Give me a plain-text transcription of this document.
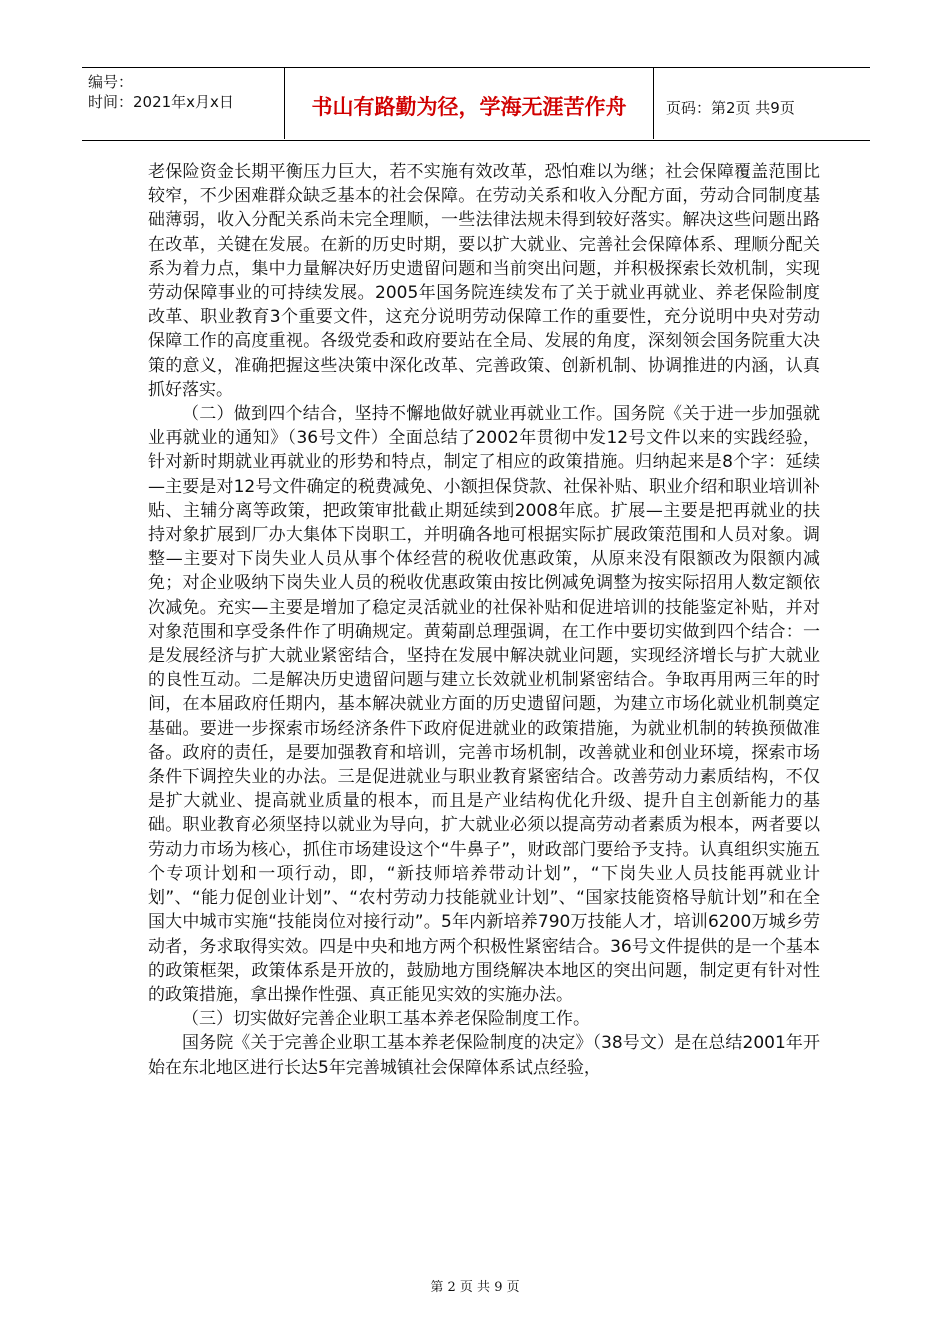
编号：
时间：2021年x月x日	书山有路勤为径，学海无涯苦作舟	页码：第2页 共9页

老保险资金长期平衡压力巨大，若不实施有效改革，恐怕难以为继；社会保障覆盖范围比较窄，不少困难群众缺乏基本的社会保障。在劳动关系和收入分配方面，劳动合同制度基础薄弱，收入分配关系尚未完全理顺，一些法律法规未得到较好落实。解决这些问题出路在改革，关键在发展。在新的历史时期，要以扩大就业、完善社会保障体系、理顺分配关系为着力点，集中力量解决好历史遗留问题和当前突出问题，并积极探索长效机制，实现劳动保障事业的可持续发展。2005年国务院连续发布了关于就业再就业、养老保险制度改革、职业教育3个重要文件，这充分说明劳动保障工作的重要性，充分说明中央对劳动保障工作的高度重视。各级党委和政府要站在全局、发展的角度，深刻领会国务院重大决策的意义，准确把握这些决策中深化改革、完善政策、创新机制、协调推进的内涵，认真抓好落实。

（二）做到四个结合，坚持不懈地做好就业再就业工作。国务院《关于进一步加强就业再就业的通知》（36号文件）全面总结了2002年贯彻中发12号文件以来的实践经验，针对新时期就业再就业的形势和特点，制定了相应的政策措施。归纳起来是8个字：延续—主要是对12号文件确定的税费减免、小额担保贷款、社保补贴、职业介绍和职业培训补贴、主辅分离等政策，把政策审批截止期延续到2008年底。扩展—主要是把再就业的扶持对象扩展到厂办大集体下岗职工，并明确各地可根据实际扩展政策范围和人员对象。调整—主要对下岗失业人员从事个体经营的税收优惠政策，从原来没有限额改为限额内减免；对企业吸纳下岗失业人员的税收优惠政策由按比例减免调整为按实际招用人数定额依次减免。充实—主要是增加了稳定灵活就业的社保补贴和促进培训的技能鉴定补贴，并对对象范围和享受条件作了明确规定。黄菊副总理强调，在工作中要切实做到四个结合：一是发展经济与扩大就业紧密结合，坚持在发展中解决就业问题，实现经济增长与扩大就业的良性互动。二是解决历史遗留问题与建立长效就业机制紧密结合。争取再用两三年的时间，在本届政府任期内，基本解决就业方面的历史遗留问题，为建立市场化就业机制奠定基础。要进一步探索市场经济条件下政府促进就业的政策措施，为就业机制的转换预做准备。政府的责任，是要加强教育和培训，完善市场机制，改善就业和创业环境，探索市场条件下调控失业的办法。三是促进就业与职业教育紧密结合。改善劳动力素质结构，不仅是扩大就业、提高就业质量的根本，而且是产业结构优化升级、提升自主创新能力的基础。职业教育必须坚持以就业为导向，扩大就业必须以提高劳动者素质为根本，两者要以劳动力市场为核心，抓住市场建设这个“牛鼻子”，财政部门要给予支持。认真组织实施五个专项计划和一项行动，即，“新技师培养带动计划”，“下岗失业人员技能再就业计划”、“能力促创业计划”、“农村劳动力技能就业计划”、“国家技能资格导航计划”和在全国大中城市实施“技能岗位对接行动”。5年内新培养790万技能人才，培训6200万城乡劳动者，务求取得实效。四是中央和地方两个积极性紧密结合。36号文件提供的是一个基本的政策框架，政策体系是开放的，鼓励地方围绕解决本地区的突出问题，制定更有针对性的政策措施，拿出操作性强、真正能见实效的实施办法。

（三）切实做好完善企业职工基本养老保险制度工作。

国务院《关于完善企业职工基本养老保险制度的决定》（38号文）是在总结2001年开始在东北地区进行长达5年完善城镇社会保障体系试点经验，

第 2 页 共 9 页
